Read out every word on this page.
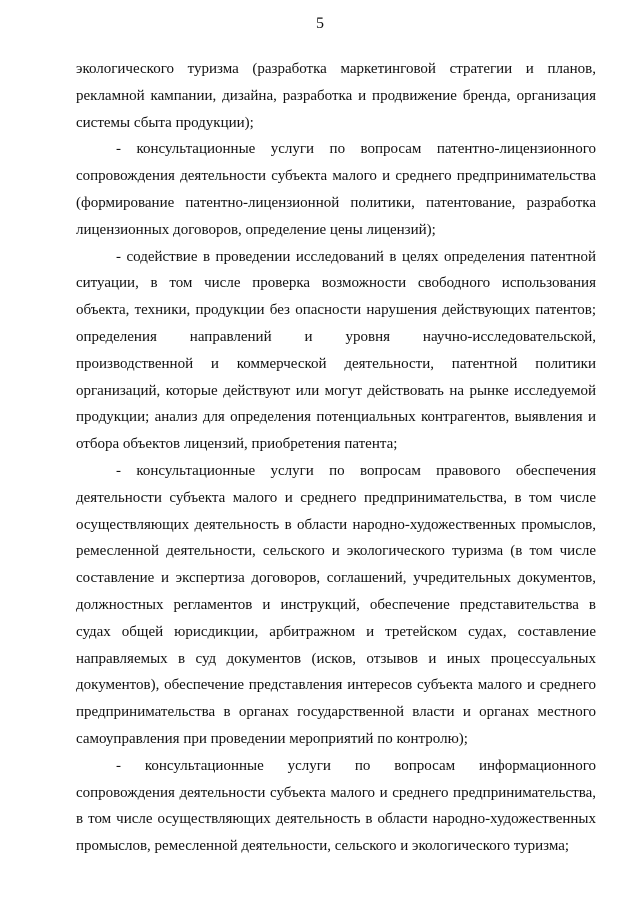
5

экологического туризма (разработка маркетинговой стратегии и планов, рекламной кампании, дизайна, разработка и продвижение бренда, организация системы сбыта продукции);

- консультационные услуги по вопросам патентно-лицензионного сопровождения деятельности субъекта малого и среднего предпринимательства (формирование патентно-лицензионной политики, патентование, разработка лицензионных договоров, определение цены лицензий);

- содействие в проведении исследований в целях определения патентной ситуации, в том числе проверка возможности свободного использования объекта, техники, продукции без опасности нарушения действующих патентов; определения направлений и уровня научно-исследовательской, производственной и коммерческой деятельности, патентной политики организаций, которые действуют или могут действовать на рынке исследуемой продукции; анализ для определения потенциальных контрагентов, выявления и отбора объектов лицензий, приобретения патента;

- консультационные услуги по вопросам правового обеспечения деятельности субъекта малого и среднего предпринимательства, в том числе осуществляющих деятельность в области народно-художественных промыслов, ремесленной деятельности, сельского и экологического туризма (в том числе составление и экспертиза договоров, соглашений, учредительных документов, должностных регламентов и инструкций, обеспечение представительства в судах общей юрисдикции, арбитражном и третейском судах, составление направляемых в суд документов (исков, отзывов и иных процессуальных документов), обеспечение представления интересов субъекта малого и среднего предпринимательства в органах государственной власти и органах местного самоуправления при проведении мероприятий по контролю);

- консультационные услуги по вопросам информационного сопровождения деятельности субъекта малого и среднего предпринимательства, в том числе осуществляющих деятельность в области народно-художественных промыслов, ремесленной деятельности, сельского и экологического туризма;
